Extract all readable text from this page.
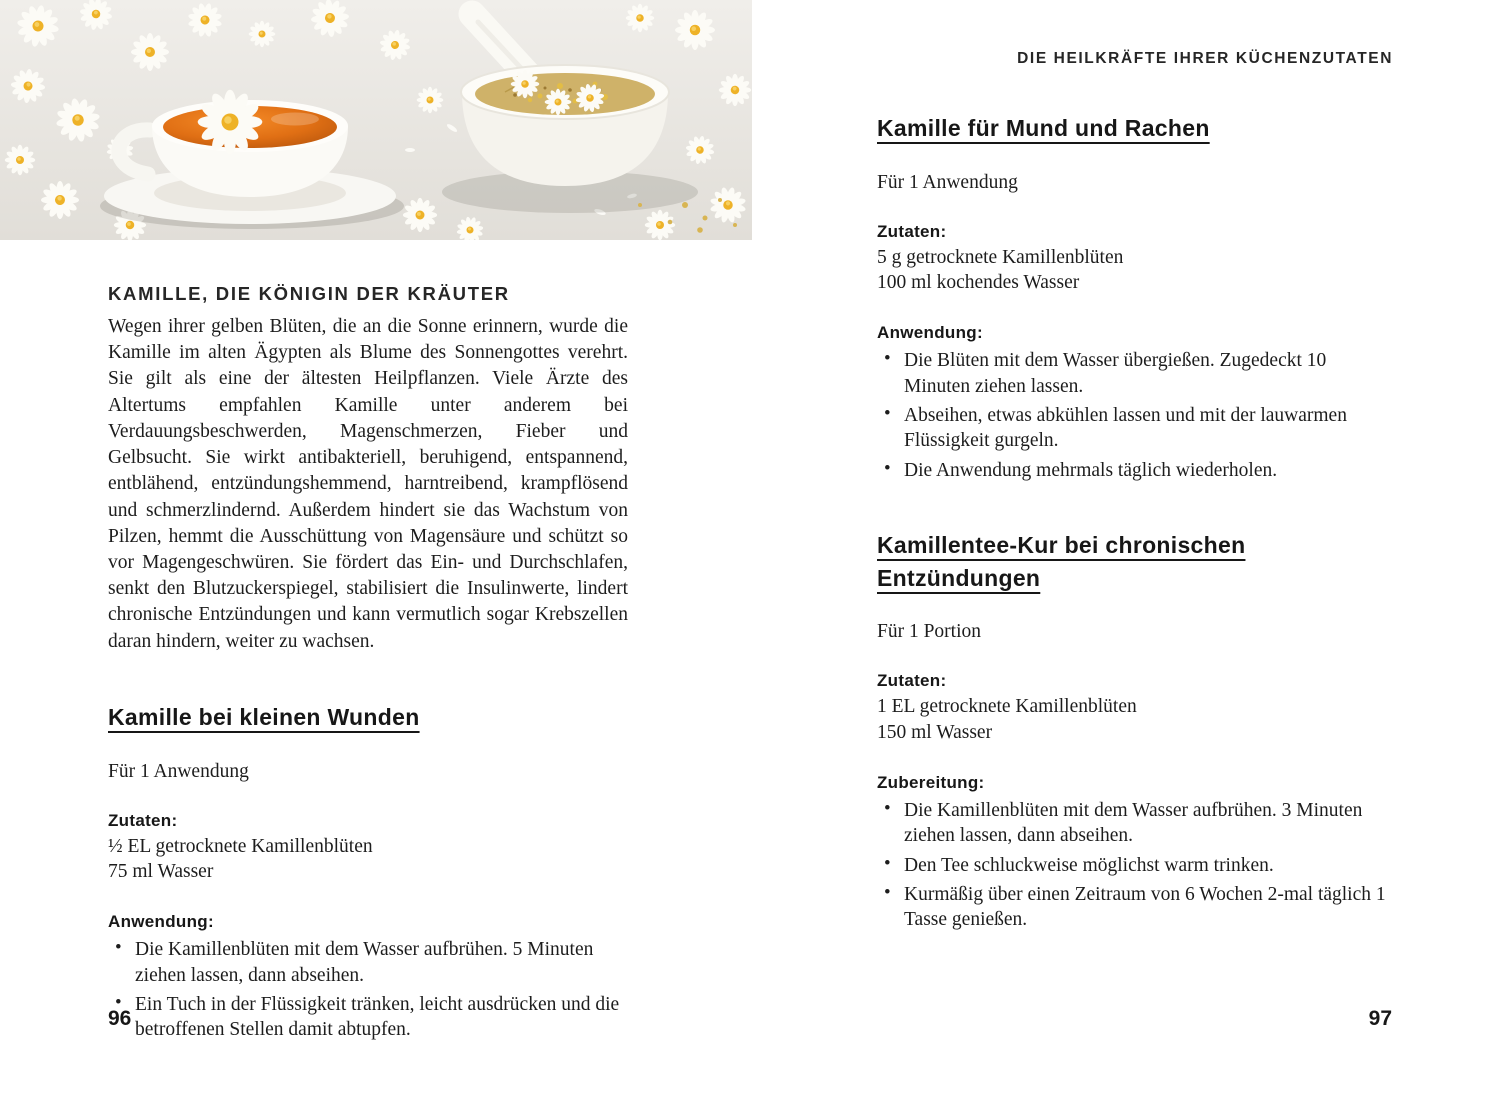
KAMILLE, DIE KÖNIGIN DER KRÄUTER

Wegen ihrer gelben Blüten, die an die Sonne erinnern, wurde die Kamille im alten Ägypten als Blume des Sonnengottes verehrt. Sie gilt als eine der ältesten Heilpflanzen. Viele Ärzte des Altertums empfahlen Kamille unter anderem bei Verdauungsbeschwerden, Magenschmerzen, Fieber und Gelbsucht. Sie wirkt antibakteriell, beruhigend, entspannend, entblähend, entzündungshemmend, harntreibend, krampflösend und schmerzlindernd. Außerdem hindert sie das Wachstum von Pilzen, hemmt die Ausschüttung von Magensäure und schützt so vor Magengeschwüren. Sie fördert das Ein- und Durchschlafen, senkt den Blutzuckerspiegel, stabilisiert die Insulinwerte, lindert chronische Entzündungen und kann vermutlich sogar Krebszellen daran hindern, weiter zu wachsen.

Kamille bei kleinen Wunden

Für 1 Anwendung

Zutaten:

½ EL getrocknete Kamillenblüten

75 ml Wasser

Anwendung:

• Die Kamillenblüten mit dem Wasser aufbrühen. 5 Minuten ziehen lassen, dann abseihen.
• Ein Tuch in der Flüssigkeit tränken, leicht ausdrücken und die betroffenen Stellen damit abtupfen.

DIE HEILKRÄFTE IHRER KÜCHENZUTATEN

Kamille für Mund und Rachen

Für 1 Anwendung

Zutaten:

5 g getrocknete Kamillenblüten

100 ml kochendes Wasser

Anwendung:

• Die Blüten mit dem Wasser übergießen. Zugedeckt 10 Minuten ziehen lassen.
• Abseihen, etwas abkühlen lassen und mit der lauwarmen Flüssigkeit gurgeln.
• Die Anwendung mehrmals täglich wiederholen.
Kamillentee-Kur bei chronischen Entzündungen

Für 1 Portion

Zutaten:

1 EL getrocknete Kamillenblüten

150 ml Wasser

Zubereitung:

• Die Kamillenblüten mit dem Wasser aufbrühen. 3 Minuten ziehen lassen, dann abseihen.
• Den Tee schluckweise möglichst warm trinken.
• Kurmäßig über einen Zeitraum von 6 Wochen 2-mal täglich 1 Tasse genießen.
96	97
